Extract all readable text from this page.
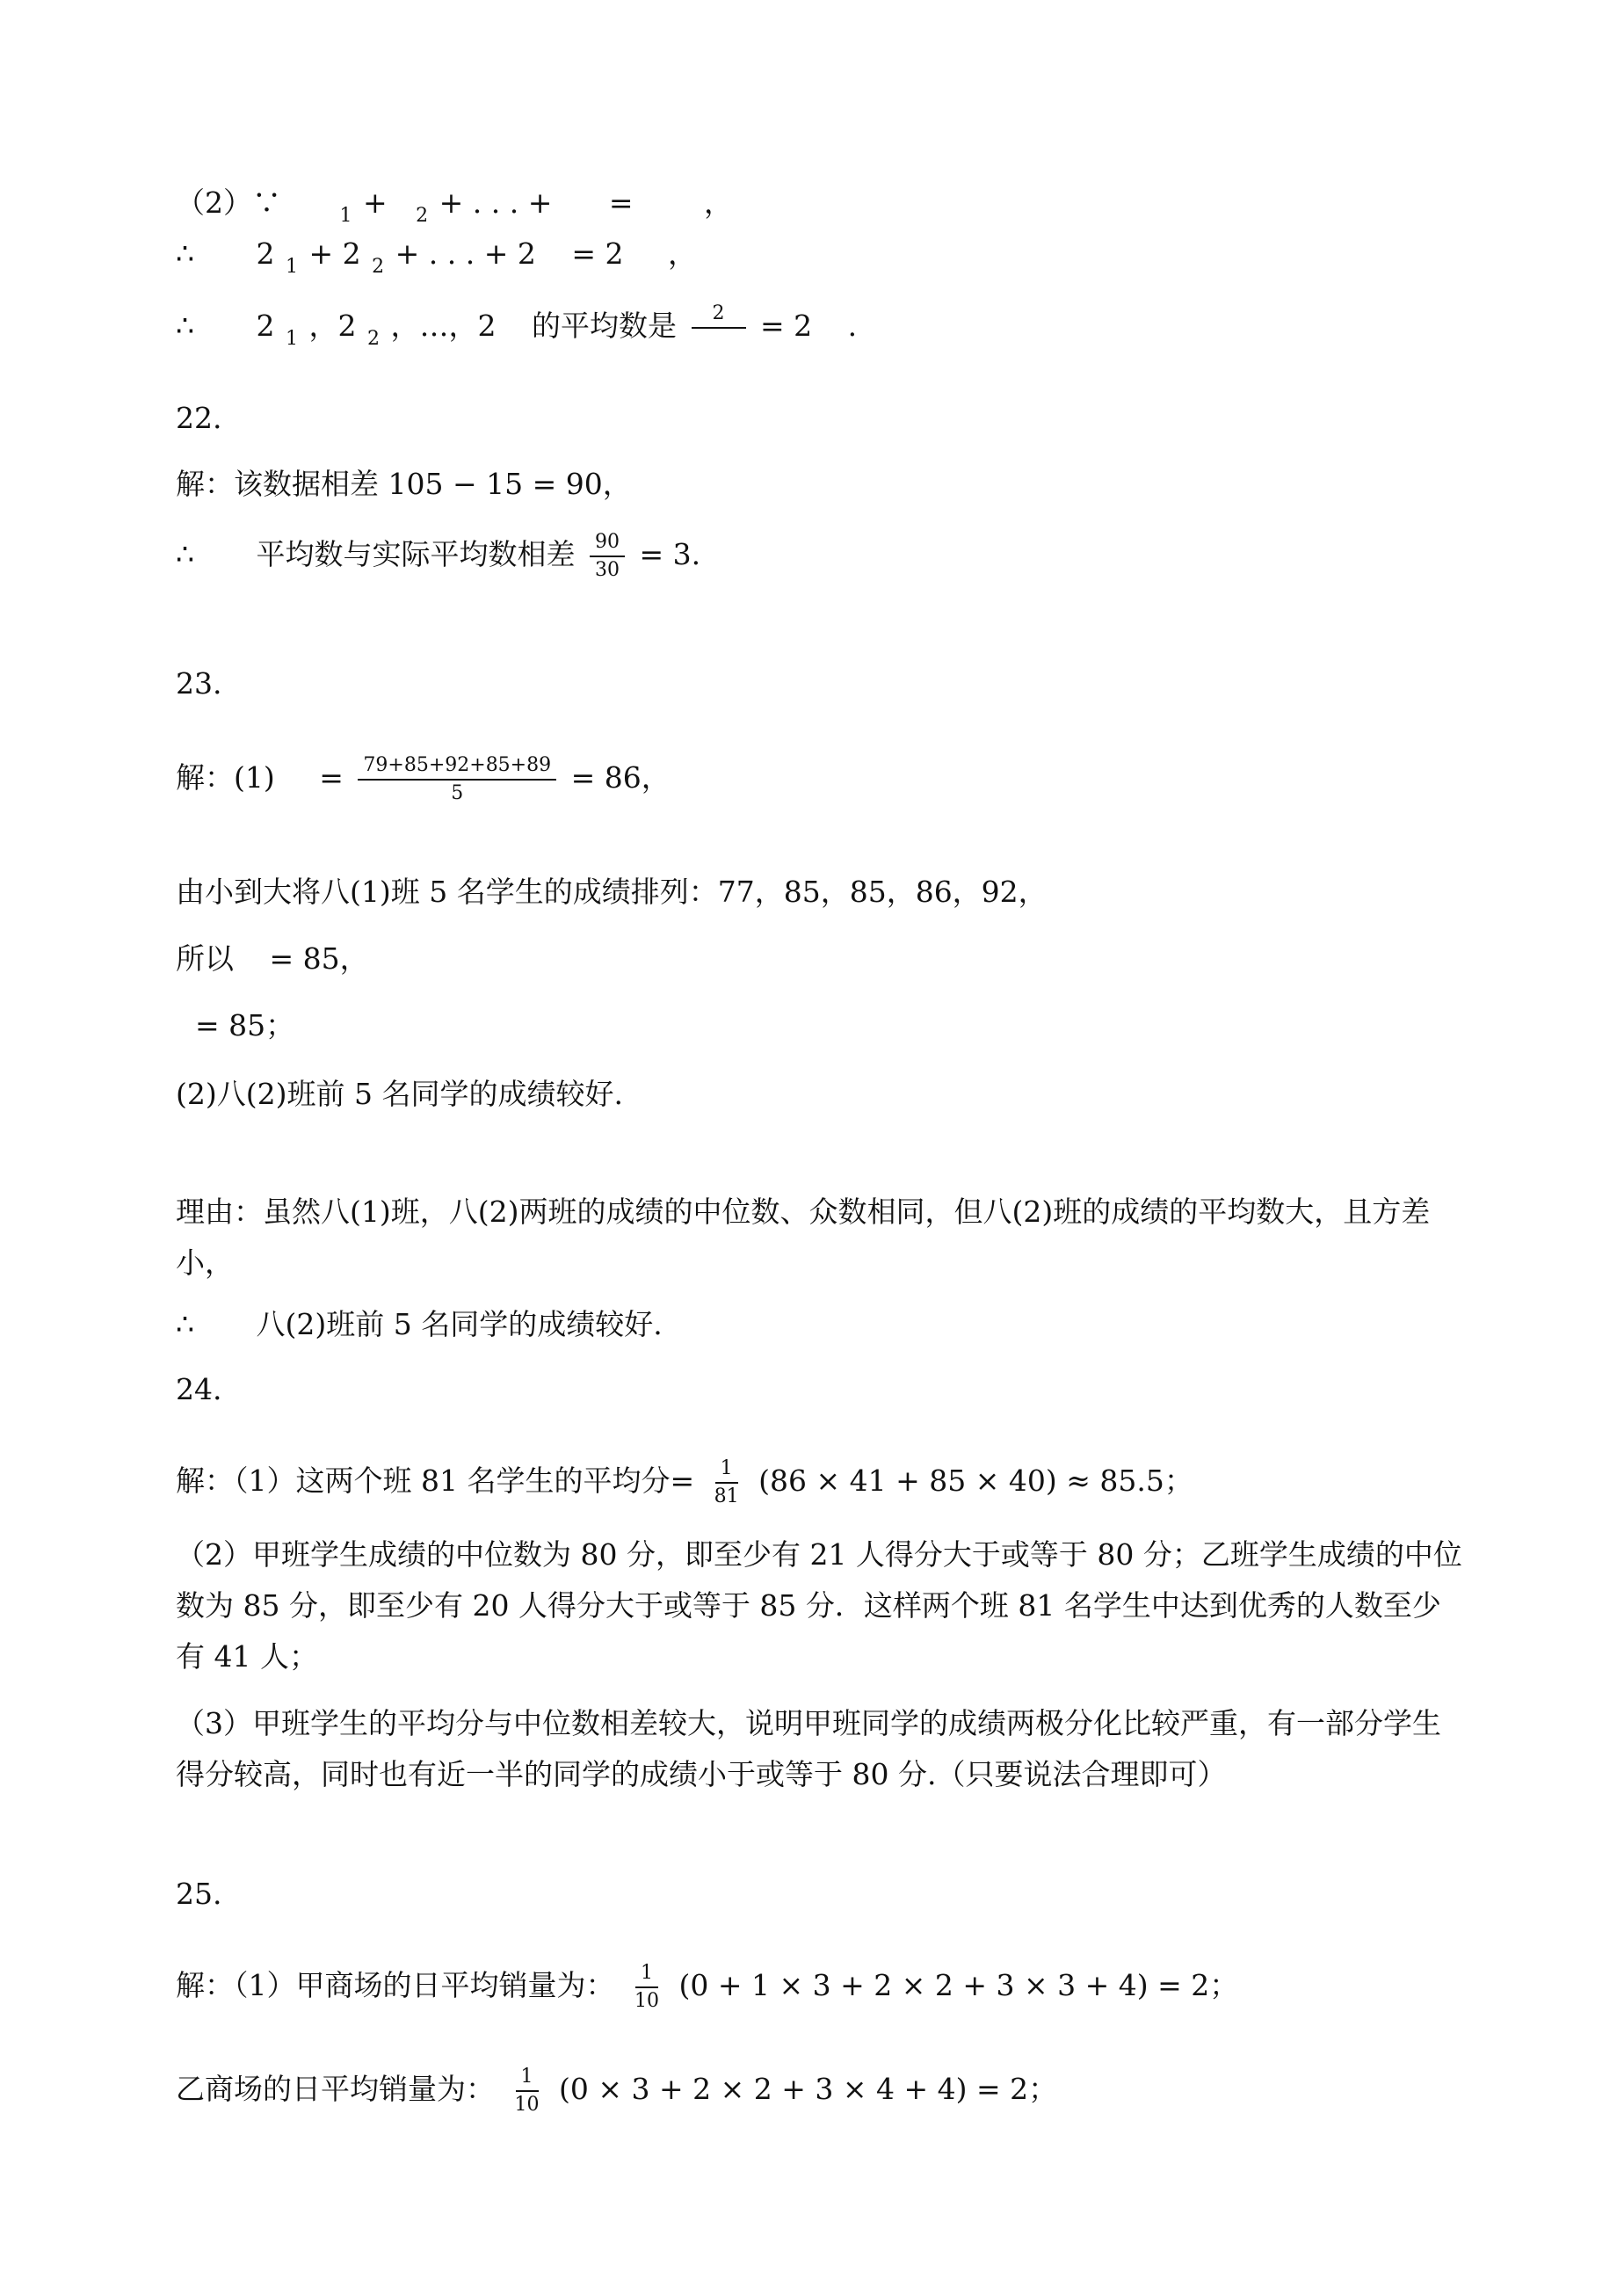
（2）∵	$_1$ + $_2$ + . . . + = ，
∴ 2 $_1$ + 2 $_2$ + . . . + 2 = 2 ，
∴ 2 $_1$ ，2 $_2$ ，…，2 的平均数是	2
	= 2 .
22.
解：该数据相差 105 − 15 = 90，
∴ 平均数与实际平均数相差 $\frac{90}{30} = 3$.
23.
解：$(1) = \frac{79+85+92+85+89}{5} = 86$，
由小到大将八(1)班 5 名学生的成绩排列：77，85，85，86，92，
所以 = 85，
= 85；
(2)八(2)班前 5 名同学的成绩较好.
理由：虽然八(1)班，八(2)两班的成绩的中位数、众数相同，但八(2)班的成绩的平均数大，且方差小，
∴ 八(2)班前 5 名同学的成绩较好.
24.
解：（1）这两个班 81 名学生的平均分= $\frac{1}{81} (86 \times 41 + 85 \times 40) \approx 85.5$；
（2）甲班学生成绩的中位数为 80 分，即至少有 21 人得分大于或等于 80 分；乙班学生成绩的中位数为 85 分，即至少有 20 人得分大于或等于 85 分．这样两个班 81 名学生中达到优秀的人数至少有 41 人；
（3）甲班学生的平均分与中位数相差较大，说明甲班同学的成绩两极分化比较严重，有一部分学生得分较高，同时也有近一半的同学的成绩小于或等于 80 分.（只要说法合理即可）
25.
解：（1）甲商场的日平均销量为： $\frac{1}{10} (0 + 1 \times 3 + 2 \times 2 + 3 \times 3 + 4) = 2$；
乙商场的日平均销量为： $\frac{1}{10} (0 \times 3 + 2 \times 2 + 3 \times 4 + 4) = 2$；
